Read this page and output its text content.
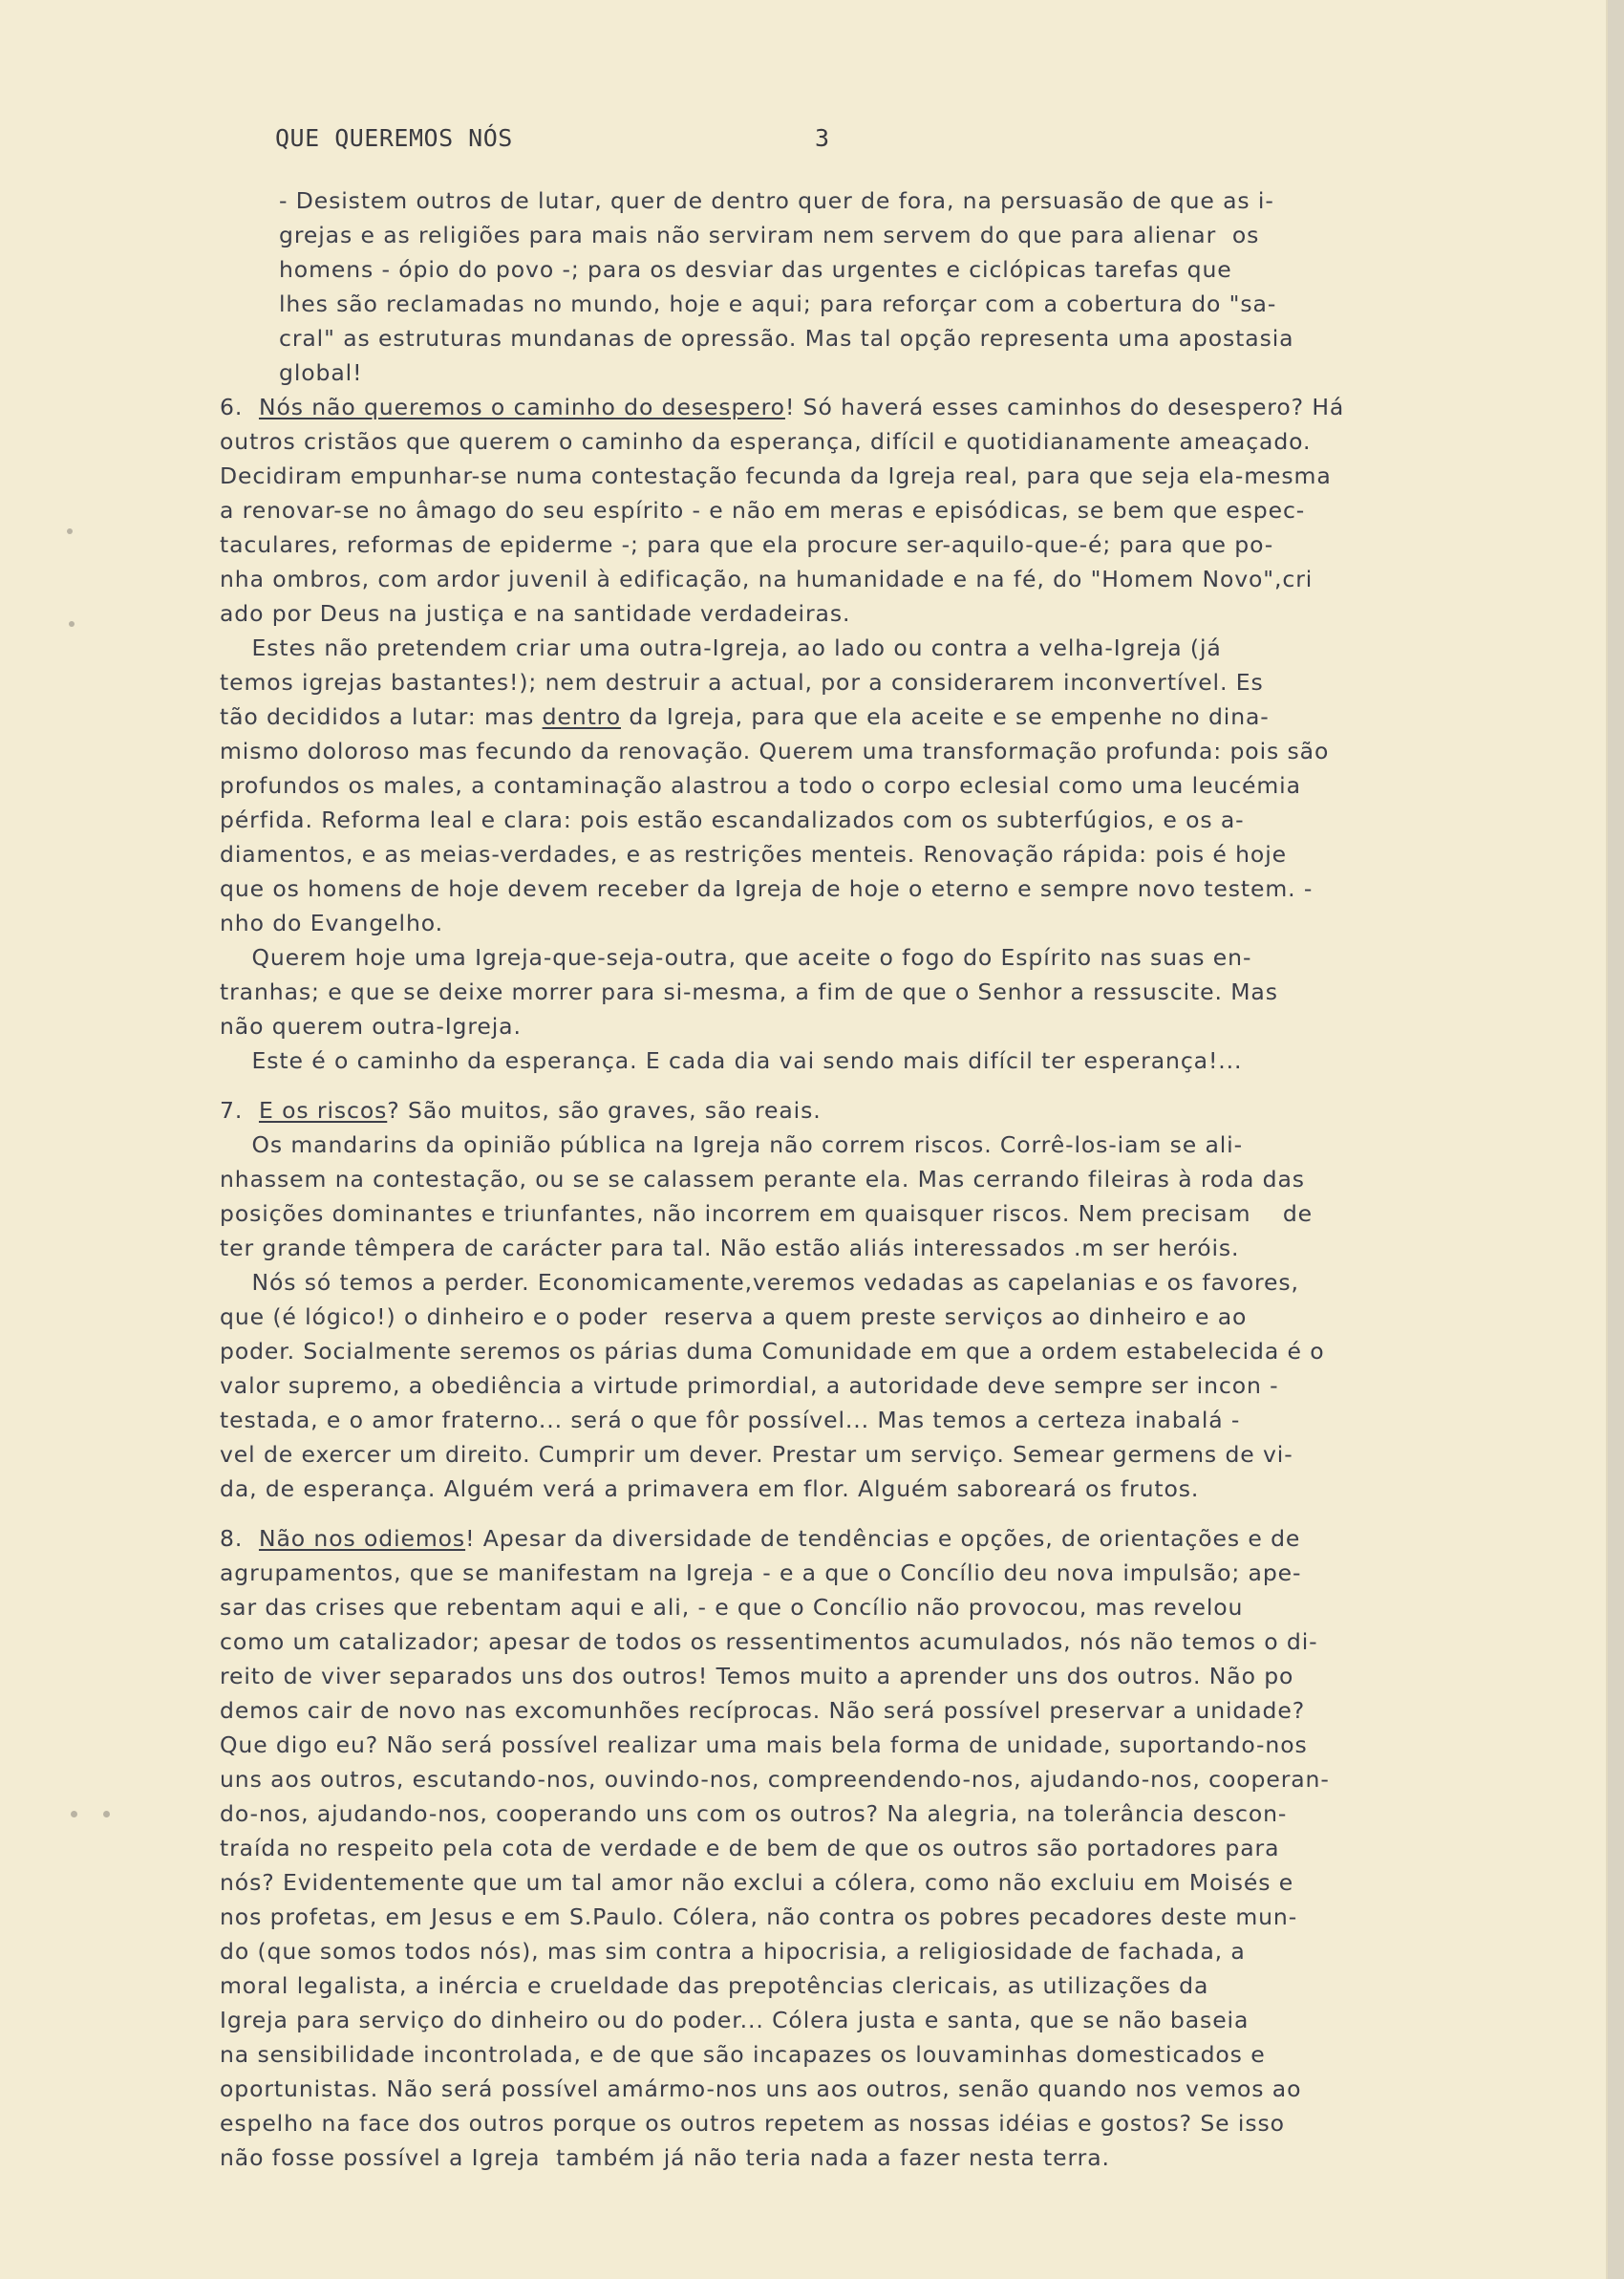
QUE QUEREMOS NÓS	3
- Desistem outros de lutar, quer de dentro quer de fora, na persuasão de que as i-
grejas e as religiões para mais não serviram nem servem do que para alienar  os
homens - ópio do povo -; para os desviar das urgentes e ciclópicas tarefas que
lhes são reclamadas no mundo, hoje e aqui; para reforçar com a cobertura do "sa-
cral" as estruturas mundanas de opressão. Mas tal opção representa uma apostasia
global!
6.  Nós não queremos o caminho do desespero! Só haverá esses caminhos do desespero? Há
outros cristãos que querem o caminho da esperança, difícil e quotidianamente ameaçado.
Decidiram empunhar-se numa contestação fecunda da Igreja real, para que seja ela-mesma
a renovar-se no âmago do seu espírito - e não em meras e episódicas, se bem que espec-
taculares, reformas de epiderme -; para que ela procure ser-aquilo-que-é; para que po-
nha ombros, com ardor juvenil à edificação, na humanidade e na fé, do "Homem Novo",cri
ado por Deus na justiça e na santidade verdadeiras.
Estes não pretendem criar uma outra-Igreja, ao lado ou contra a velha-Igreja (já
temos igrejas bastantes!); nem destruir a actual, por a considerarem inconvertível. Es
tão decididos a lutar: mas dentro da Igreja, para que ela aceite e se empenhe no dina-
mismo doloroso mas fecundo da renovação. Querem uma transformação profunda: pois são
profundos os males, a contaminação alastrou a todo o corpo eclesial como uma leucémia
pérfida. Reforma leal e clara: pois estão escandalizados com os subterfúgios, e os a-
diamentos, e as meias-verdades, e as restrições menteis. Renovação rápida: pois é hoje
que os homens de hoje devem receber da Igreja de hoje o eterno e sempre novo testem. -
nho do Evangelho.
Querem hoje uma Igreja-que-seja-outra, que aceite o fogo do Espírito nas suas en-
tranhas; e que se deixe morrer para si-mesma, a fim de que o Senhor a ressuscite. Mas
não querem outra-Igreja.
Este é o caminho da esperança. E cada dia vai sendo mais difícil ter esperança!...
7.  E os riscos? São muitos, são graves, são reais.
Os mandarins da opinião pública na Igreja não correm riscos. Corrê-los-iam se ali-
nhassem na contestação, ou se se calassem perante ela. Mas cerrando fileiras à roda das
posições dominantes e triunfantes, não incorrem em quaisquer riscos. Nem precisam    de
ter grande têmpera de carácter para tal. Não estão aliás interessados .m ser heróis.
Nós só temos a perder. Economicamente,veremos vedadas as capelanias e os favores,
que (é lógico!) o dinheiro e o poder  reserva a quem preste serviços ao dinheiro e ao
poder. Socialmente seremos os párias duma Comunidade em que a ordem estabelecida é o
valor supremo, a obediência a virtude primordial, a autoridade deve sempre ser incon -
testada, e o amor fraterno... será o que fôr possível... Mas temos a certeza inabalá -
vel de exercer um direito. Cumprir um dever. Prestar um serviço. Semear germens de vi-
da, de esperança. Alguém verá a primavera em flor. Alguém saboreará os frutos.
8.  Não nos odiemos! Apesar da diversidade de tendências e opções, de orientações e de
agrupamentos, que se manifestam na Igreja - e a que o Concílio deu nova impulsão; ape-
sar das crises que rebentam aqui e ali, - e que o Concílio não provocou, mas revelou
como um catalizador; apesar de todos os ressentimentos acumulados, nós não temos o di-
reito de viver separados uns dos outros! Temos muito a aprender uns dos outros. Não po
demos cair de novo nas excomunhões recíprocas. Não será possível preservar a unidade?
Que digo eu? Não será possível realizar uma mais bela forma de unidade, suportando-nos
uns aos outros, escutando-nos, ouvindo-nos, compreendendo-nos, ajudando-nos, cooperan-
do-nos, ajudando-nos, cooperando uns com os outros? Na alegria, na tolerância descon-
traída no respeito pela cota de verdade e de bem de que os outros são portadores para
nós? Evidentemente que um tal amor não exclui a cólera, como não excluiu em Moisés e
nos profetas, em Jesus e em S.Paulo. Cólera, não contra os pobres pecadores deste mun-
do (que somos todos nós), mas sim contra a hipocrisia, a religiosidade de fachada, a
moral legalista, a inércia e crueldade das prepotências clericais, as utilizações da
Igreja para serviço do dinheiro ou do poder... Cólera justa e santa, que se não baseia
na sensibilidade incontrolada, e de que são incapazes os louvaminhas domesticados e
oportunistas. Não será possível amármo-nos uns aos outros, senão quando nos vemos ao
espelho na face dos outros porque os outros repetem as nossas idéias e gostos? Se isso
não fosse possível a Igreja  também já não teria nada a fazer nesta terra.
